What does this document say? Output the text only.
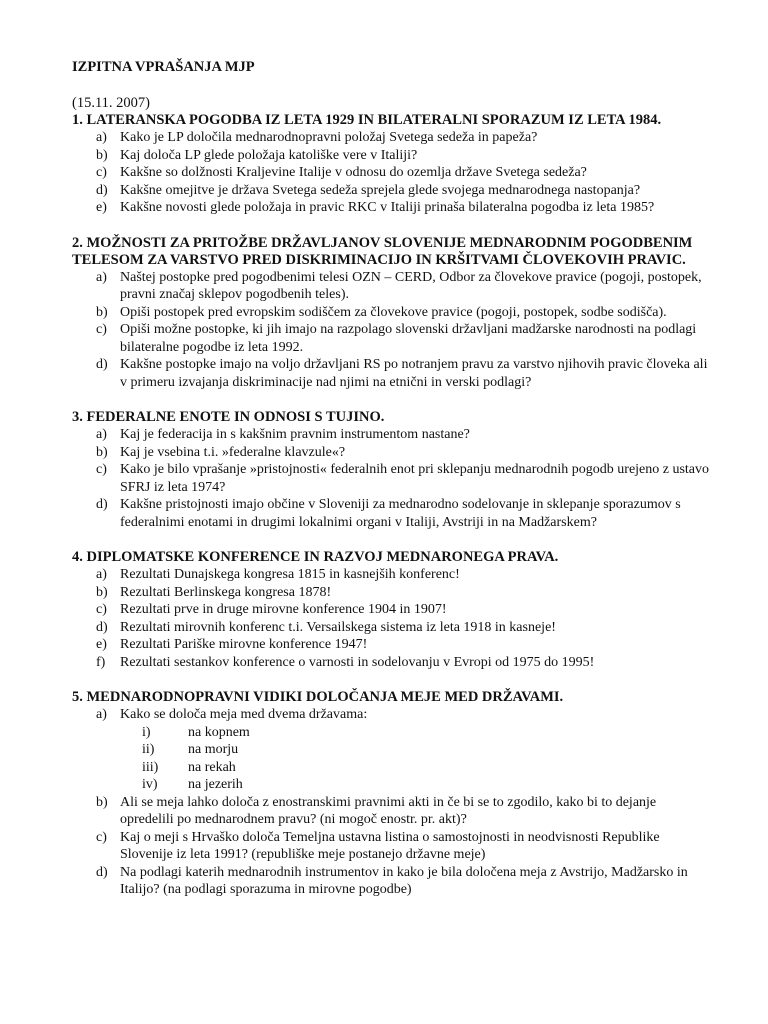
IZPITNA VPRAŠANJA MJP

(15.11. 2007)

1. LATERANSKA POGODBA IZ LETA 1929 IN BILATERALNI SPORAZUM IZ LETA 1984.

a) Kako je LP določila mednarodnopravni položaj Svetega sedeža in papeža?
b) Kaj določa LP glede položaja katoliške vere v Italiji?
c) Kakšne so dolžnosti Kraljevine Italije v odnosu do ozemlja države Svetega sedeža?
d) Kakšne omejitve je država Svetega sedeža sprejela glede svojega mednarodnega nastopanja?
e) Kakšne novosti glede položaja in pravic RKC v Italiji prinaša bilateralna pogodba iz leta 1985?

2. MOŽNOSTI ZA PRITOŽBE DRŽAVLJANOV SLOVENIJE MEDNARODNIM POGODBENIM TELESOM ZA VARSTVO PRED DISKRIMINACIJO IN KRŠITVAMI ČLOVEKOVIH PRAVIC.

a) Naštej postopke pred pogodbenimi telesi OZN – CERD, Odbor za človekove pravice (pogoji, postopek, pravni značaj sklepov pogodbenih teles).
b) Opiši postopek pred evropskim sodiščem za človekove pravice (pogoji, postopek, sodbe sodišča).
c) Opiši možne postopke, ki jih imajo na razpolago slovenski državljani madžarske narodnosti na podlagi bilateralne pogodbe iz leta 1992.
d) Kakšne postopke imajo na voljo državljani RS po notranjem pravu za varstvo njihovih pravic človeka ali v primeru izvajanja diskriminacije nad njimi na etnični in verski podlagi?

3. FEDERALNE ENOTE IN ODNOSI S TUJINO.

a) Kaj je federacija in s kakšnim pravnim instrumentom nastane?
b) Kaj je vsebina t.i. »federalne klavzule«?
c) Kako je bilo vprašanje »pristojnosti« federalnih enot pri sklepanju mednarodnih pogodb urejeno z ustavo SFRJ iz leta 1974?
d) Kakšne pristojnosti imajo občine v Sloveniji za mednarodno sodelovanje in sklepanje sporazumov s federalnimi enotami in drugimi lokalnimi organi v Italiji, Avstriji in na Madžarskem?

4. DIPLOMATSKE KONFERENCE IN RAZVOJ MEDNARONEGA PRAVA.

a) Rezultati Dunajskega kongresa 1815 in kasnejših konferenc!
b) Rezultati Berlinskega kongresa 1878!
c) Rezultati prve in druge mirovne konference 1904 in 1907!
d) Rezultati mirovnih konferenc t.i. Versailskega sistema iz leta 1918 in kasneje!
e) Rezultati Pariške mirovne konference 1947!
f) Rezultati sestankov konference o varnosti in sodelovanju v Evropi od 1975 do 1995!

5. MEDNARODNOPRAVNI VIDIKI DOLOČANJA MEJE MED DRŽAVAMI.

a) Kako se določa meja med dvema državama:
i)	na kopnem
ii) na morju
iii) na rekah
iv) na jezerih
b) Ali se meja lahko določa z enostranskimi pravnimi akti in če bi se to zgodilo, kako bi to dejanje opredelili po mednarodnem pravu? (ni mogoč enostr. pr. akt)?
c) Kaj o meji s Hrvaško določa Temeljna ustavna listina o samostojnosti in neodvisnosti Republike Slovenije iz leta 1991? (republiške meje postanejo državne meje)
d) Na podlagi katerih mednarodnih instrumentov in kako je bila določena meja z Avstrijo, Madžarsko in Italijo? (na podlagi sporazuma in mirovne pogodbe)
